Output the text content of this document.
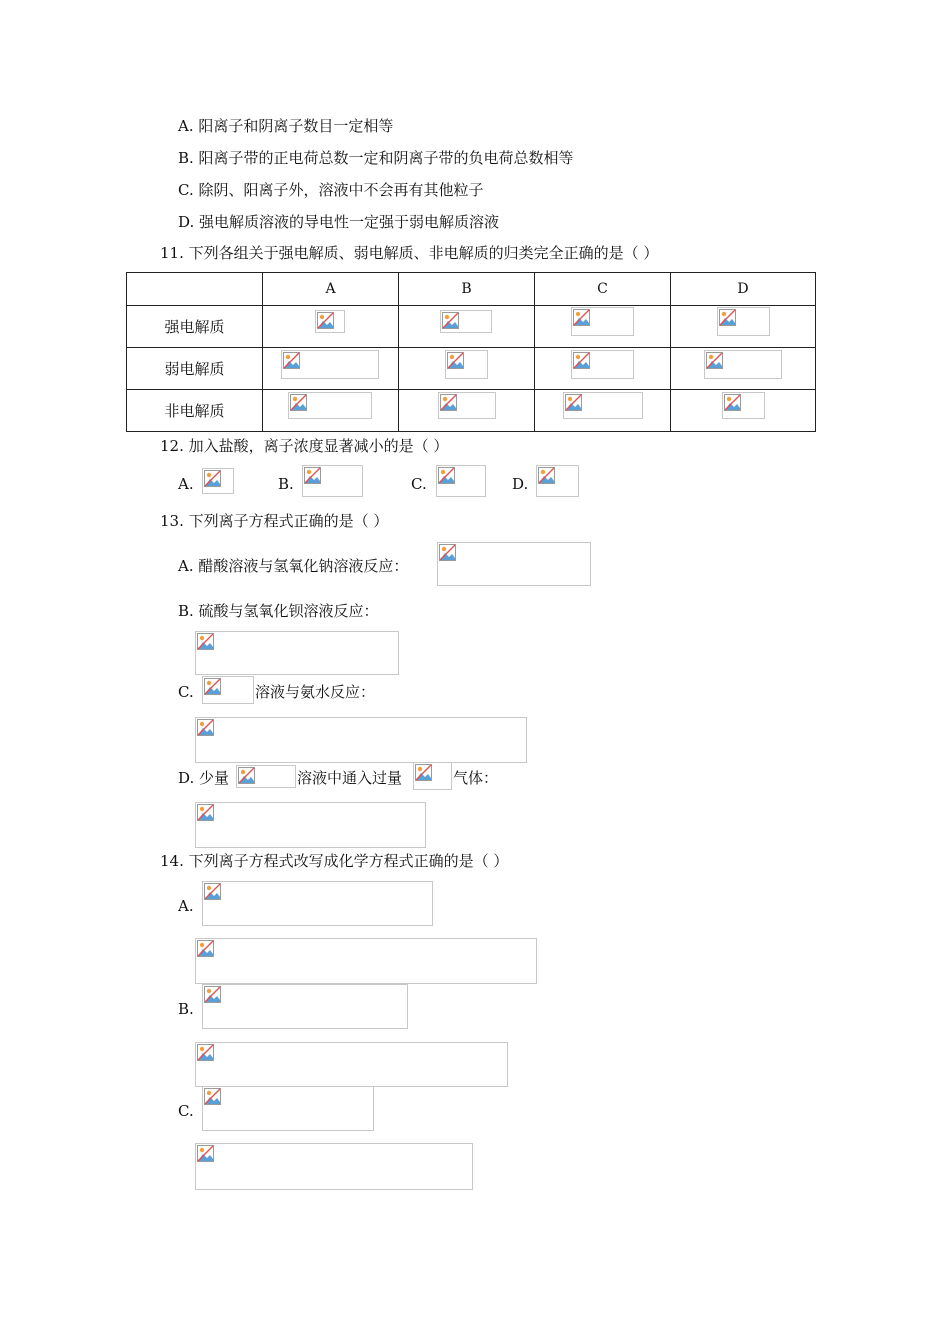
A. 阳离子和阴离子数目一定相等
B. 阳离子带的正电荷总数一定和阴离子带的负电荷总数相等
C. 除阴、阳离子外，溶液中不会再有其他粒子
D. 强电解质溶液的导电性一定强于弱电解质溶液
11. 下列各组关于强电解质、弱电解质、非电解质的归类完全正确的是（ ）
	A	B	C	D
强电解质	

弱电解质	

非电解质	

12. 加入盐酸，离子浓度显著减小的是（ ）
A.	B.	C.	D.
13. 下列离子方程式正确的是（ ）
A. 醋酸溶液与氢氧化钠溶液反应：
B. 硫酸与氢氧化钡溶液反应：
C.	溶液与氨水反应：
D. 少量	溶液中通入过量	气体：
14. 下列离子方程式改写成化学方程式正确的是（ ）
A.
B.
C.
